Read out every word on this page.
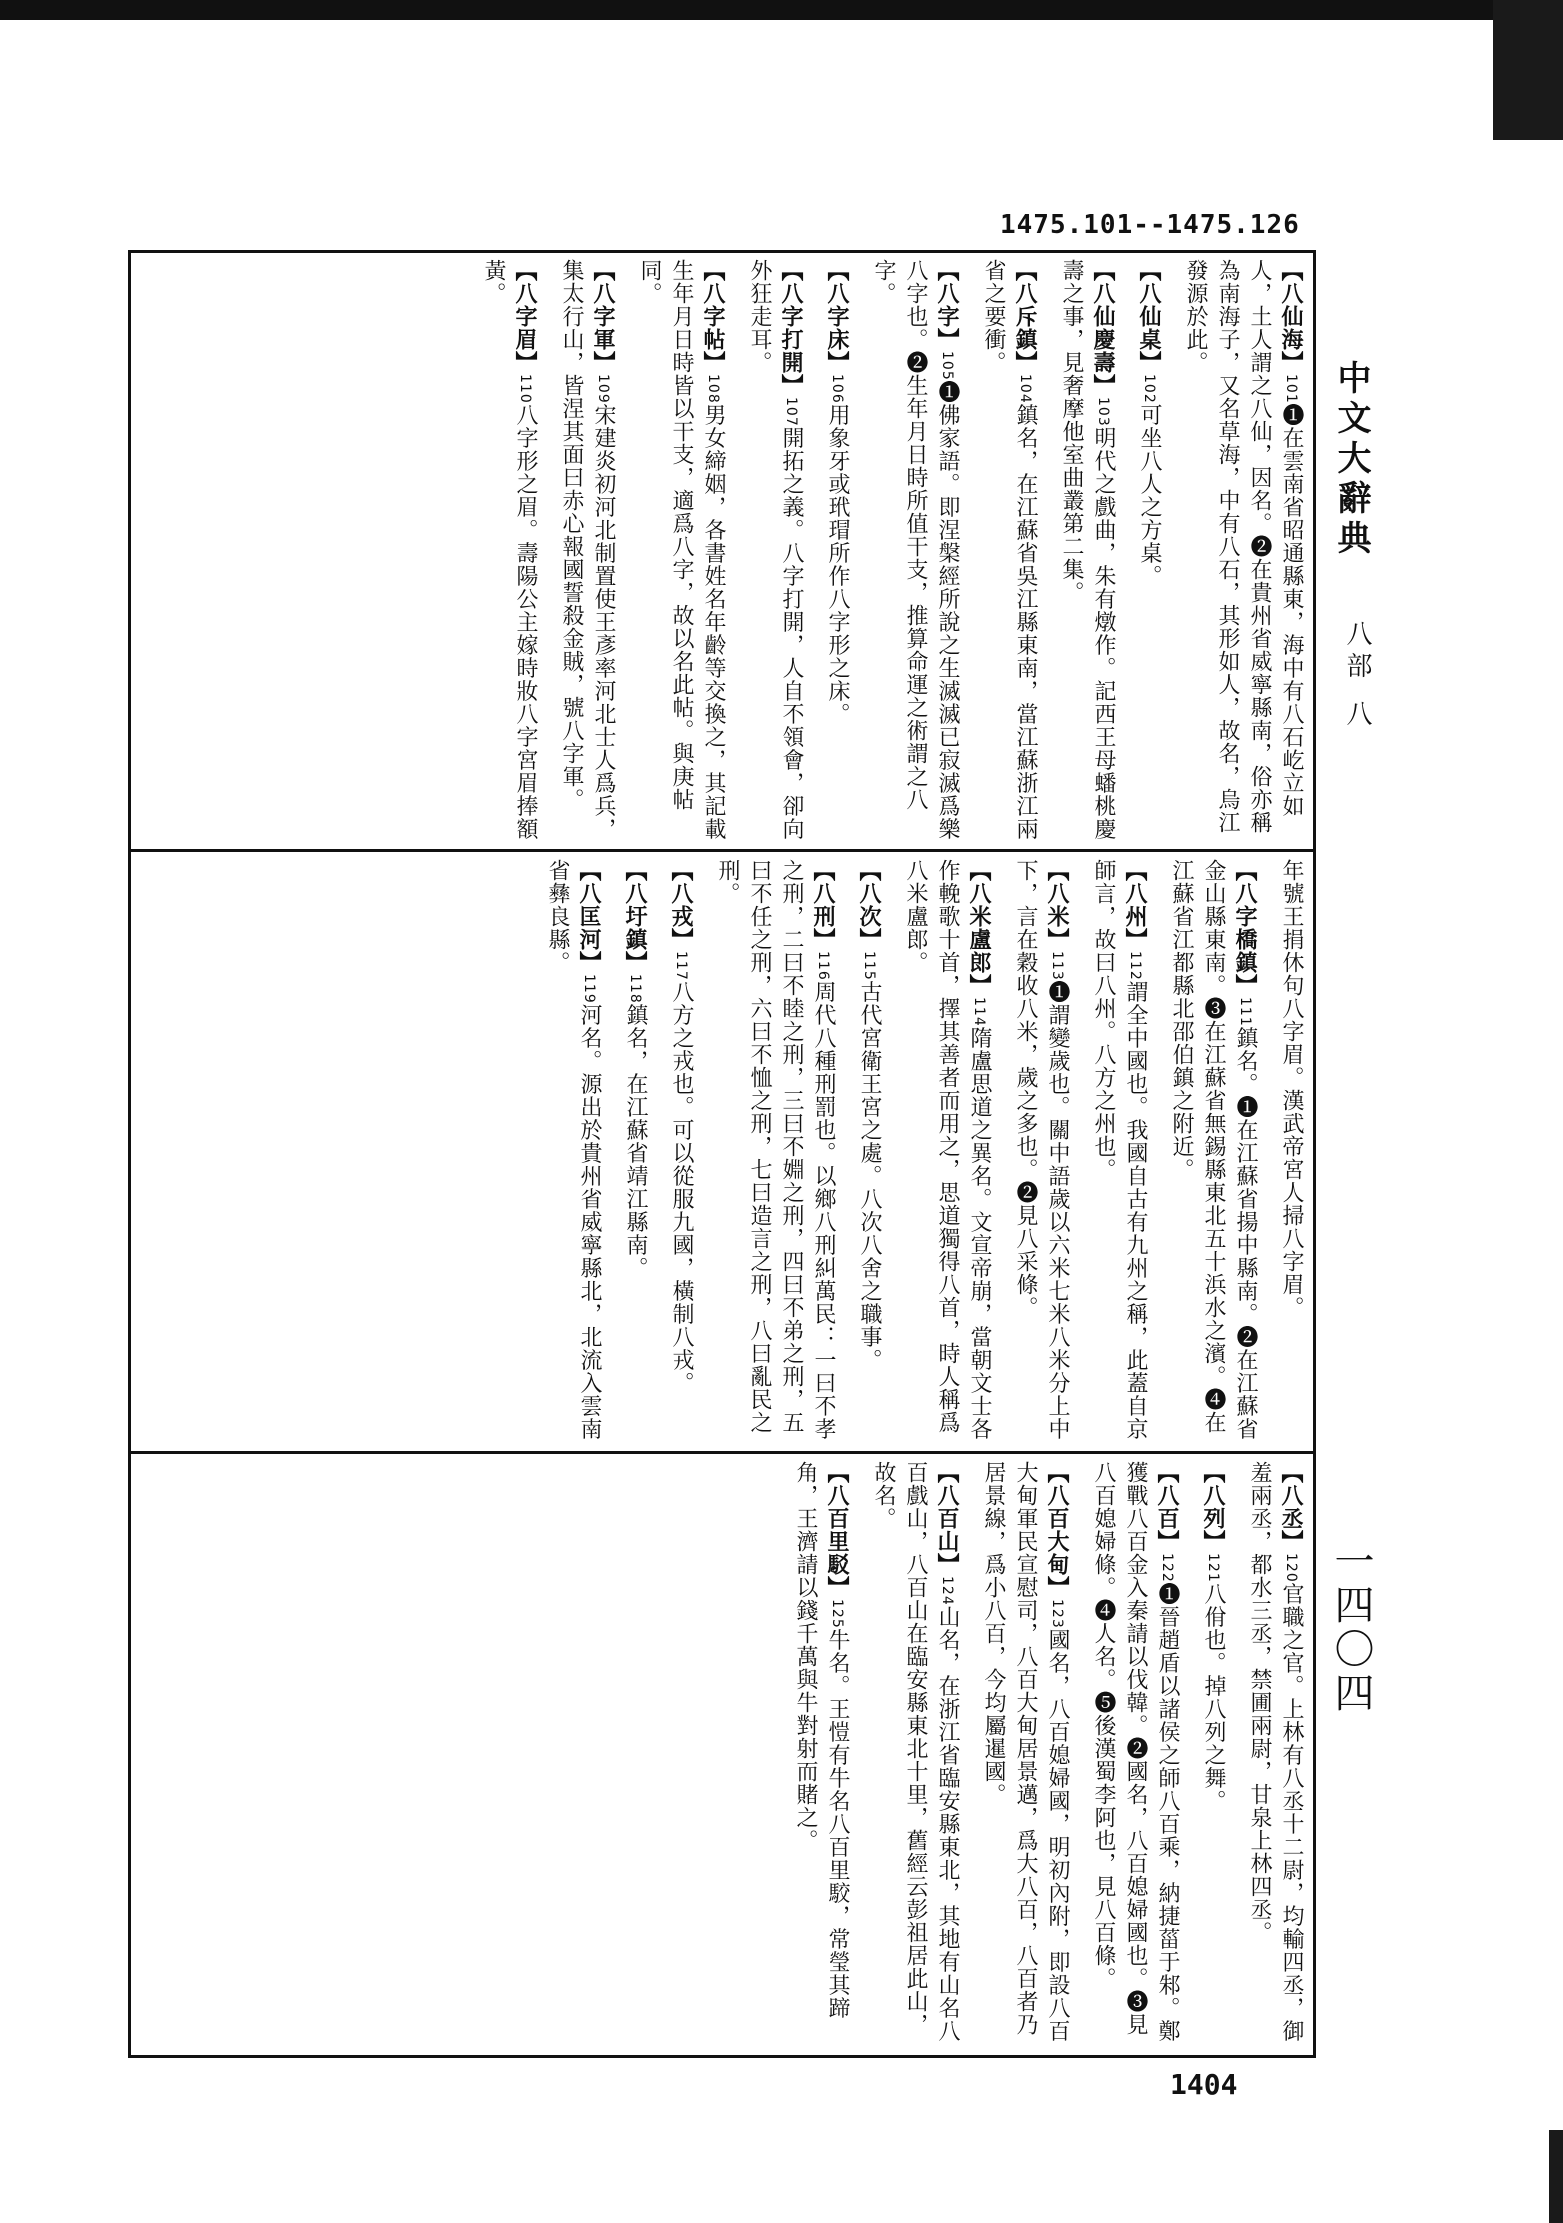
1475.101--1475.126
【八仙海】101❶在雲南省昭通縣東，海中有八石屹立如人，土人謂之八仙，因名。❷在貴州省威寧縣南，俗亦稱為南海子，又名草海，中有八石，其形如人，故名，烏江發源於此。
【八仙桌】102可坐八人之方桌。
【八仙慶壽】103明代之戲曲，朱有燉作。記西王母蟠桃慶壽之事，見奢摩他室曲叢第二集。
【八斥鎮】104鎮名，在江蘇省吳江縣東南，當江蘇浙江兩省之要衝。
【八字】105❶佛家語。即涅槃經所說之生滅滅已寂滅爲樂八字也。❷生年月日時所值干支，推算命運之術謂之八字。
【八字床】106用象牙或玳瑁所作八字形之床。
【八字打開】107開拓之義。八字打開，人自不領會，卻向外狂走耳。
【八字帖】108男女締姻，各書姓名年齡等交換之，其記載生年月日時皆以干支，適爲八字，故以名此帖。與庚帖同。
【八字軍】109宋建炎初河北制置使王彥率河北士人爲兵，集太行山，皆涅其面曰赤心報國誓殺金賊，號八字軍。
【八字眉】110八字形之眉。壽陽公主嫁時妝八字宮眉捧額黃。
年號王捐休句八字眉。漢武帝宮人掃八字眉。
【八字橋鎮】111鎮名。❶在江蘇省揚中縣南。❷在江蘇省金山縣東南。❸在江蘇省無錫縣東北五十浜水之濱。❹在江蘇省江都縣北邵伯鎮之附近。
【八州】112謂全中國也。我國自古有九州之稱，此蓋自京師言，故曰八州。八方之州也。
【八米】113❶謂變歲也。關中語歲以六米七米八米分上中下，言在穀收八米，歲之多也。❷見八采條。
【八米盧郎】114隋盧思道之異名。文宣帝崩，當朝文士各作輓歌十首，擇其善者而用之，思道獨得八首，時人稱爲八米盧郎。
【八次】115古代宮衛王宮之處。八次八舍之職事。
【八刑】116周代八種刑罰也。以鄉八刑糾萬民：一曰不孝之刑，二曰不睦之刑，三曰不婣之刑，四曰不弟之刑，五曰不任之刑，六曰不恤之刑，七曰造言之刑，八曰亂民之刑。
【八戎】117八方之戎也。可以從服九國，橫制八戎。
【八圩鎮】118鎮名，在江蘇省靖江縣南。
【八匡河】119河名。源出於貴州省威寧縣北，北流入雲南省彝良縣。
【八丞】120官職之官。上林有八丞十二尉，均輸四丞，御羞兩丞，都水三丞，禁圃兩尉，甘泉上林四丞。
【八列】121八佾也。掉八列之舞。
【八百】122❶晉趙盾以諸侯之師八百乘，納捷菑于邾。鄭獲戰八百金入秦請以伐韓。❷國名，八百媳婦國也。❸見八百媳婦條。❹人名。❺後漢蜀李阿也，見八百條。
【八百大甸】123國名，八百媳婦國，明初內附，即設八百大甸軍民宣慰司，八百大甸居景邁，爲大八百，八百者乃居景線，爲小八百，今均屬暹國。
【八百山】124山名，在浙江省臨安縣東北，其地有山名八百戲山，八百山在臨安縣東北十里，舊經云彭祖居此山，故名。
【八百里駁】125牛名。王愷有牛名八百里駮，常瑩其蹄角，王濟請以錢千萬與牛對射而賭之。
中文大辭典
八部
八
一四〇四
1404
